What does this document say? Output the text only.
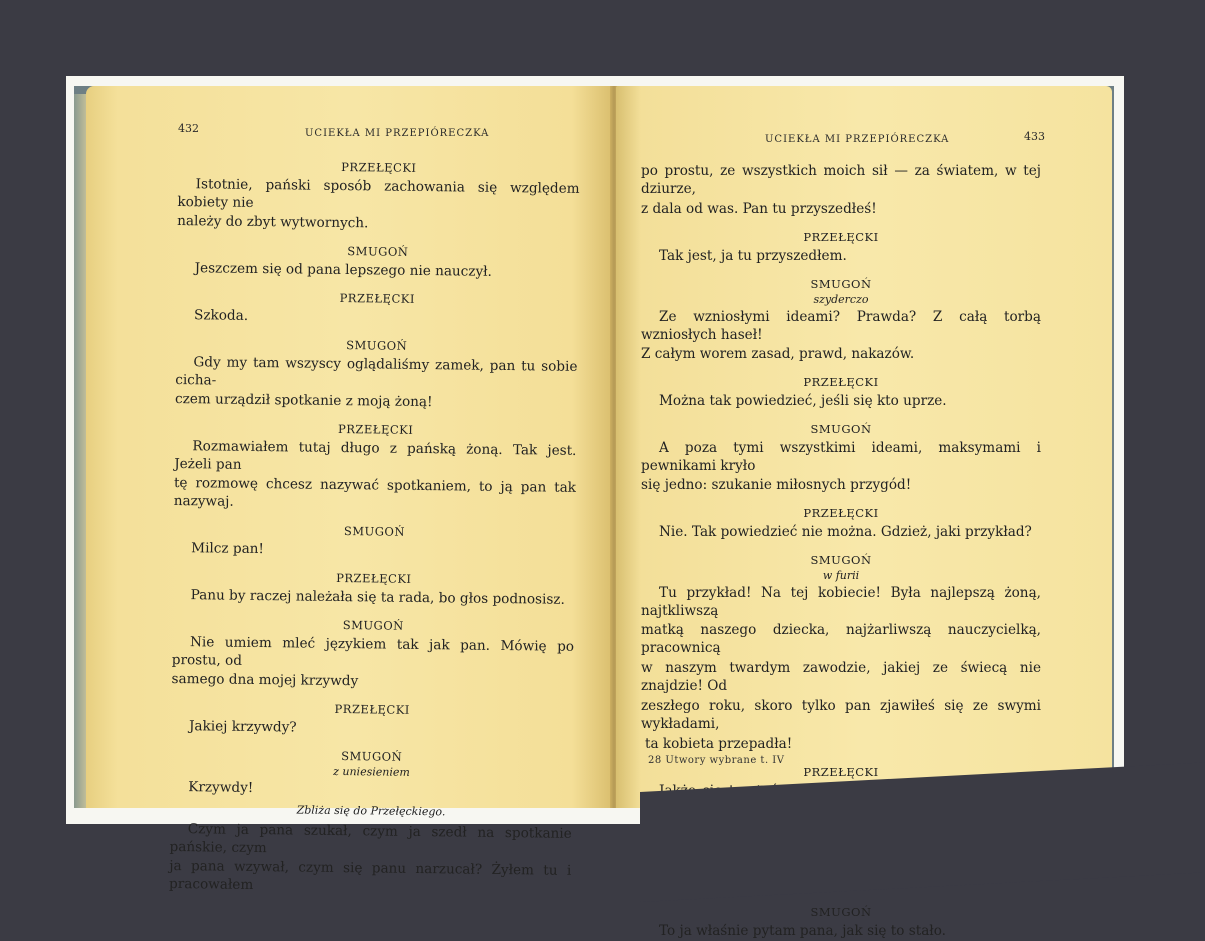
432	UCIEKŁA MI PRZEPIÓRECZKA
UCIEKŁA MI PRZEPIÓRECZKA	433
PRZEŁĘCKI
Istotnie, pański sposób zachowania się względem kobiety nie
należy do zbyt wytwornych.
SMUGOŃ
Jeszczem się od pana lepszego nie nauczył.
PRZEŁĘCKI
Szkoda.
SMUGOŃ
Gdy my tam wszyscy oglądaliśmy zamek, pan tu sobie cicha-
czem urządził spotkanie z moją żoną!
PRZEŁĘCKI
Rozmawiałem tutaj długo z pańską żoną. Tak jest. Jeżeli pan
tę rozmowę chcesz nazywać spotkaniem, to ją pan tak nazywaj.
SMUGOŃ
Milcz pan!
PRZEŁĘCKI
Panu by raczej należała się ta rada, bo głos podnosisz.
SMUGOŃ
Nie umiem mleć językiem tak jak pan. Mówię po prostu, od
samego dna mojej krzywdy
PRZEŁĘCKI
Jakiej krzywdy?
SMUGOŃ
z uniesieniem
Krzywdy!
Zbliża się do Przełęckiego.
Czym ja pana szukał, czym ja szedł na spotkanie pańskie, czym
ja pana wzywał, czym się panu narzucał? Żyłem tu i pracowałem
po prostu, ze wszystkich moich sił — za światem, w tej dziurze,
z dala od was. Pan tu przyszedłeś!
PRZEŁĘCKI
Tak jest, ja tu przyszedłem.
SMUGOŃ
szyderczo
Ze wzniosłymi ideami? Prawda? Z całą torbą wzniosłych haseł!
Z całym worem zasad, prawd, nakazów.
PRZEŁĘCKI
Można tak powiedzieć, jeśli się kto uprze.
SMUGOŃ
A poza tymi wszystkimi ideami, maksymami i pewnikami kryło
się jedno: szukanie miłosnych przygód!
PRZEŁĘCKI
Nie. Tak powiedzieć nie można. Gdzież, jaki przykład?
SMUGOŃ
w furii
Tu przykład! Na tej kobiecie! Była najlepszą żoną, najtkliwszą
matką naszego dziecka, najżarliwszą nauczycielką, pracownicą
w naszym twardym zawodzie, jakiej ze świecą nie znajdzie! Od
zeszłego roku, skoro tylko pan zjawiłeś się ze swymi wykładami,
ta kobieta przepadła!
PRZEŁĘCKI
SMUGOŃ
To ja właśnie pytam pana, jak się to stało.
28 Utwory wybrane t. IV
